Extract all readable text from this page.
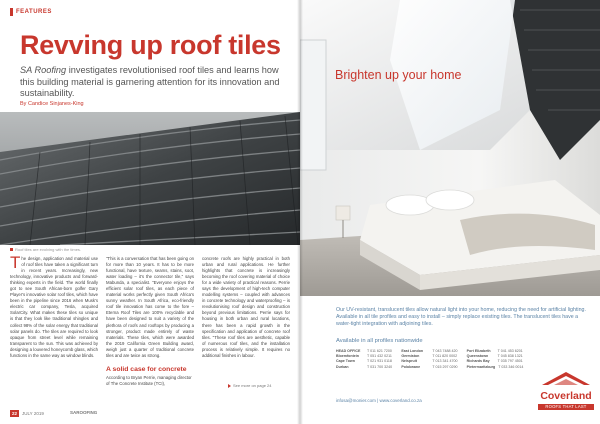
FEATURES
Revving up roof tiles

SA Roofing investigates revolutionised roof tiles and learns how this building material is garnering attention for its innovation and sustainability.

By Candice Sinjanes-King
Roof tiles are evolving with the times.
The design, application and material use of roof tiles have taken a significant turn in recent years. Increasingly, new technology, innovative products and forward-thinking experts in the field. The world finally got to see South African-born golfer Gary Player's innovative solar roof tiles, which have been in the pipeline since 2016 when Musk's electric car company, Tesla, acquired SolarCity. What makes these tiles so unique is that they look like traditional shingles and collect 98% of the solar energy that traditional solar panels do. The tiles are required to look opaque from street level while remaining transparent to the sun. This was achieved by designing a louvered honeycomb glass, which functions in the same way as window blinds.
"This is a conversation that has been going on for more than 10 years. It has to be more functional, have texture, seams, stains, soot, water loading – it's the connector tile," says Mabunda, a specialist. "Everyone enjoys the efficient solar roof tiles, as each piece of material works perfectly given South Africa's sunny weather. In South Africa, eco-friendly roof tile innovation has come to the fore – Eterna Roof Tiles are 100% recyclable and have been designed to suit a variety of the plethora of roofs and rooftops by producing a stronger, product made entirely of waste materials. These tiles, which were awarded the 2019 California Green Building award, weigh just a quarter of traditional concrete tiles and are twice as strong.
A solid case for concrete
According to Bryan Perrie, managing director of The Concrete Institute (TCI),
concrete roofs are highly practical in both urban and rural applications. He further highlights that concrete is increasingly becoming the roof covering material of choice for a wide variety of practical reasons. Perrie says the development of high-tech computer modelling systems – coupled with advances in concrete technology and waterproofing – is revolutionising roof design and construction beyond previous limitations. Perrie says for housing in both urban and rural locations, there has been a rapid growth in the specification and application of concrete roof tiles. "These roof tiles are aesthetic, capable of numerous roof tiles, and the installation process is relatively simple. It requires no additional finishes in labour.
See more on page 24
22	JULY 2019	SAROOFING
Brighten up your home
Our UV-resistant, translucent tiles allow natural light into your home, reducing the need for artificial lighting. Available in all tile profiles and easy to install – simply replace existing tiles. The translucent tiles have a water-tight integration with adjoining tiles.
Available in all profiles nationwide
HEAD OFFICE	T 011 621 7200	East London	T 043 7488 420	Port Elizabeth	T 041 453 6201
Bloemfontein	T 051 432 0211	Germiston	T 011 820 0002	Queenstown	T 045 838 1321
Cape Town	T 021 931 0118	Nelspruit	T 013 341 4700	Richards Bay	T 035 797 4501
Durban	T 031 700 3240	Polokwane	T 015 297 0290	Pietermaritzburg T 033 346 0014
infosa@monier.com | www.coverland.co.za	Coverland
ROOFS THAT LAST
